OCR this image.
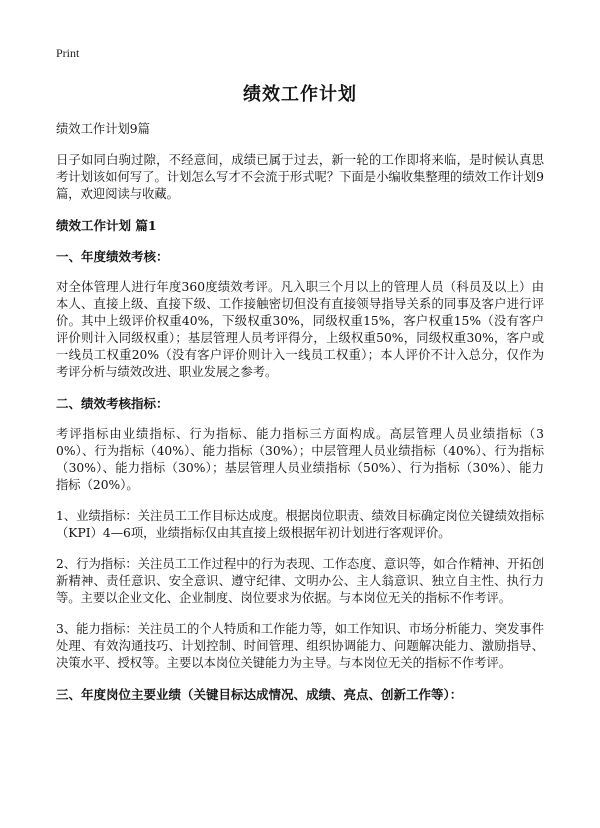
Print
绩效工作计划
绩效工作计划9篇
日子如同白驹过隙，不经意间，成绩已属于过去，新一轮的工作即将来临，是时候认真思考计划该如何写了。计划怎么写才不会流于形式呢？下面是小编收集整理的绩效工作计划9篇，欢迎阅读与收藏。
绩效工作计划 篇1
一、年度绩效考核：
对全体管理人进行年度360度绩效考评。凡入职三个月以上的管理人员（科员及以上）由本人、直接上级、直接下级、工作接触密切但没有直接领导指导关系的同事及客户进行评价。其中上级评价权重40%，下级权重30%，同级权重15%，客户权重15%（没有客户评价则计入同级权重）；基层管理人员考评得分，上级权重50%，同级权重30%，客户或一线员工权重20%（没有客户评价则计入一线员工权重）；本人评价不计入总分，仅作为考评分析与绩效改进、职业发展之参考。
二、绩效考核指标：
考评指标由业绩指标、行为指标、能力指标三方面构成。高层管理人员业绩指标（30%）、行为指标（40%）、能力指标（30%）；中层管理人员业绩指标（40%）、行为指标（30%）、能力指标（30%）；基层管理人员业绩指标（50%）、行为指标（30%）、能力指标（20%）。
1、业绩指标：关注员工工作目标达成度。根据岗位职责、绩效目标确定岗位关键绩效指标（KPI）4—6项，业绩指标仅由其直接上级根据年初计划进行客观评价。
2、行为指标：关注员工工作过程中的行为表现、工作态度、意识等，如合作精神、开拓创新精神、责任意识、安全意识、遵守纪律、文明办公、主人翁意识、独立自主性、执行力等。主要以企业文化、企业制度、岗位要求为依据。与本岗位无关的指标不作考评。
3、能力指标：关注员工的个人特质和工作能力等，如工作知识、市场分析能力、突发事件处理、有效沟通技巧、计划控制、时间管理、组织协调能力、问题解决能力、激励指导、决策水平、授权等。主要以本岗位关键能力为主导。与本岗位无关的指标不作考评。
三、年度岗位主要业绩（关键目标达成情况、成绩、亮点、创新工作等）：
